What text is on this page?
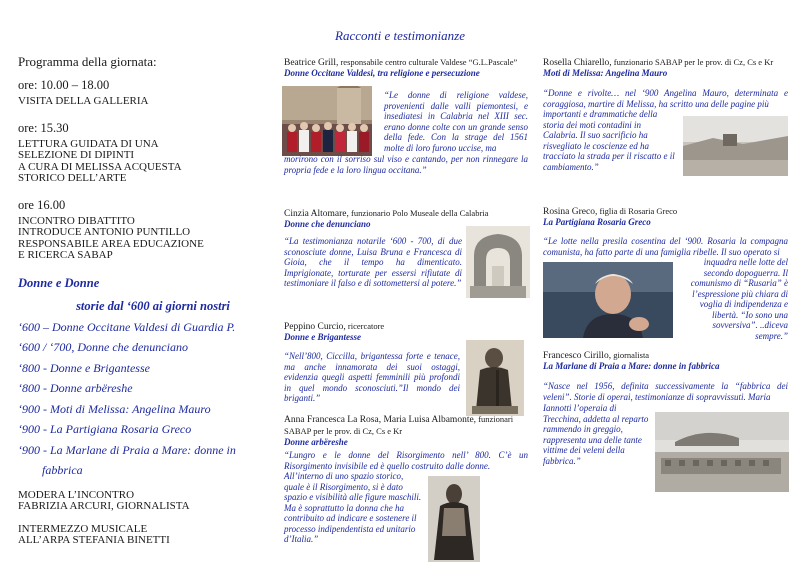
Racconti e testimonianze
Programma della giornata:
ore: 10.00 – 18.00
VISITA DELLA GALLERIA
ore: 15.30
LETTURA GUIDATA DI UNA
SELEZIONE DI DIPINTI
A CURA DI MELISSA ACQUESTA
STORICO DELL’ARTE
ore 16.00
INCONTRO DIBATTITO
INTRODUCE ANTONIO PUNTILLO
RESPONSABILE AREA EDUCAZIONE
E RICERCA SABAP
Donne e Donne
storie dal ‘600 ai giorni nostri
‘600 – Donne Occitane Valdesi di Guardia P.
‘600 / ‘700, Donne che denunciano
‘800 - Donne e Brigantesse
‘800 - Donne arbëreshe
‘900 - Moti di Melissa: Angelina Mauro
‘900 - La Partigiana Rosaria Greco
‘900 - La Marlane di Praia a Mare: donne in
fabbrica
MODERA L’INCONTRO
FABRIZIA ARCURI, GIORNALISTA
INTERMEZZO MUSICALE
ALL’ARPA STEFANIA BINETTI
Beatrice Grill, responsabile centro culturale Valdese “G.L.Pascale”
Donne Occitane Valdesi, tra religione e persecuzione
“Le donne di religione valdese, provenienti dalle valli piemontesi, e insediatesi in Calabria nel XIII sec. erano donne colte con un grande senso della fede. Con la strage del 1561 molte di loro furono uccise, ma
morirono con il sorriso sul viso e cantando, per non rinnegare la propria fede e la loro lingua occitana.”
Cinzia Altomare, funzionario Polo Museale della Calabria
Donne che denunciano
“La testimonianza notarile ‘600 - 700, di due sconosciute donne, Luisa Bruna e Francesca di Gioia, che il tempo ha dimenticato. Imprigionate, torturate per essersi rifiutate di testimoniare il falso e di sottomettersi al potere.”
Peppino Curcio, ricercatore
Donne e Brigantesse
“Nell’800, Ciccilla, brigantessa forte e tenace, ma anche innamorata dei suoi ostaggi, evidenzia quegli aspetti femminili più profondi in quel mondo sconosciuti.”Il mondo dei briganti.”
Anna Francesca La Rosa, Maria Luisa Albamonte, funzionari SABAP per le prov. di Cz, Cs e Kr
Donne arbëreshe
“Lungro e le donne del Risorgimento nell’ 800. C’è un Risorgimento invisibile ed è quello costruito dalle donne.
All’interno di uno spazio storico, quale è il Risorgimento, si è dato spazio e visibilità alle figure maschili. Ma è soprattutto la donna che ha contribuito ad indicare e sostenere il processo indipendentista ed unitario d’Italia.”
Rosella Chiarello, funzionario SABAP per le prov. di Cz, Cs e Kr
Moti di Melissa: Angelina Mauro
“Donne e rivolte… nel ‘900 Angelina Mauro, determinata e coraggiosa, martire di Melissa, ha scritto una delle pagine più
importanti e drammatiche della storia dei moti contadini in Calabria. Il suo sacrificio ha risvegliato le coscienze ed ha tracciato la strada per il riscatto e il cambiamento.”
Rosina Greco, figlia di Rosaria Greco
La Partigiana Rosaria Greco
“Le lotte nella presila cosentina del ‘900. Rosaria la compagna comunista, ha fatto parte di una famiglia ribelle. Il suo operato si
inquadra nelle lotte del secondo dopoguerra. Il comunismo di “Rusaria” è l’espressione più chiara di voglia di indipendenza e libertà. “Io sono una sovversiva”. ..diceva sempre.”
Francesco Cirillo, giornalista
La Marlane di Praia a Mare: donne in fabbrica
“Nasce nel 1956, definita successivamente la “fabbrica dei veleni”. Storie di operai, testimonianze di sopravvissuti. Maria
Iannotti l’operaia di Trecchina, addetta al reparto rammendo in greggio, rappresenta una delle tante vittime dei veleni della fabbrica.”
